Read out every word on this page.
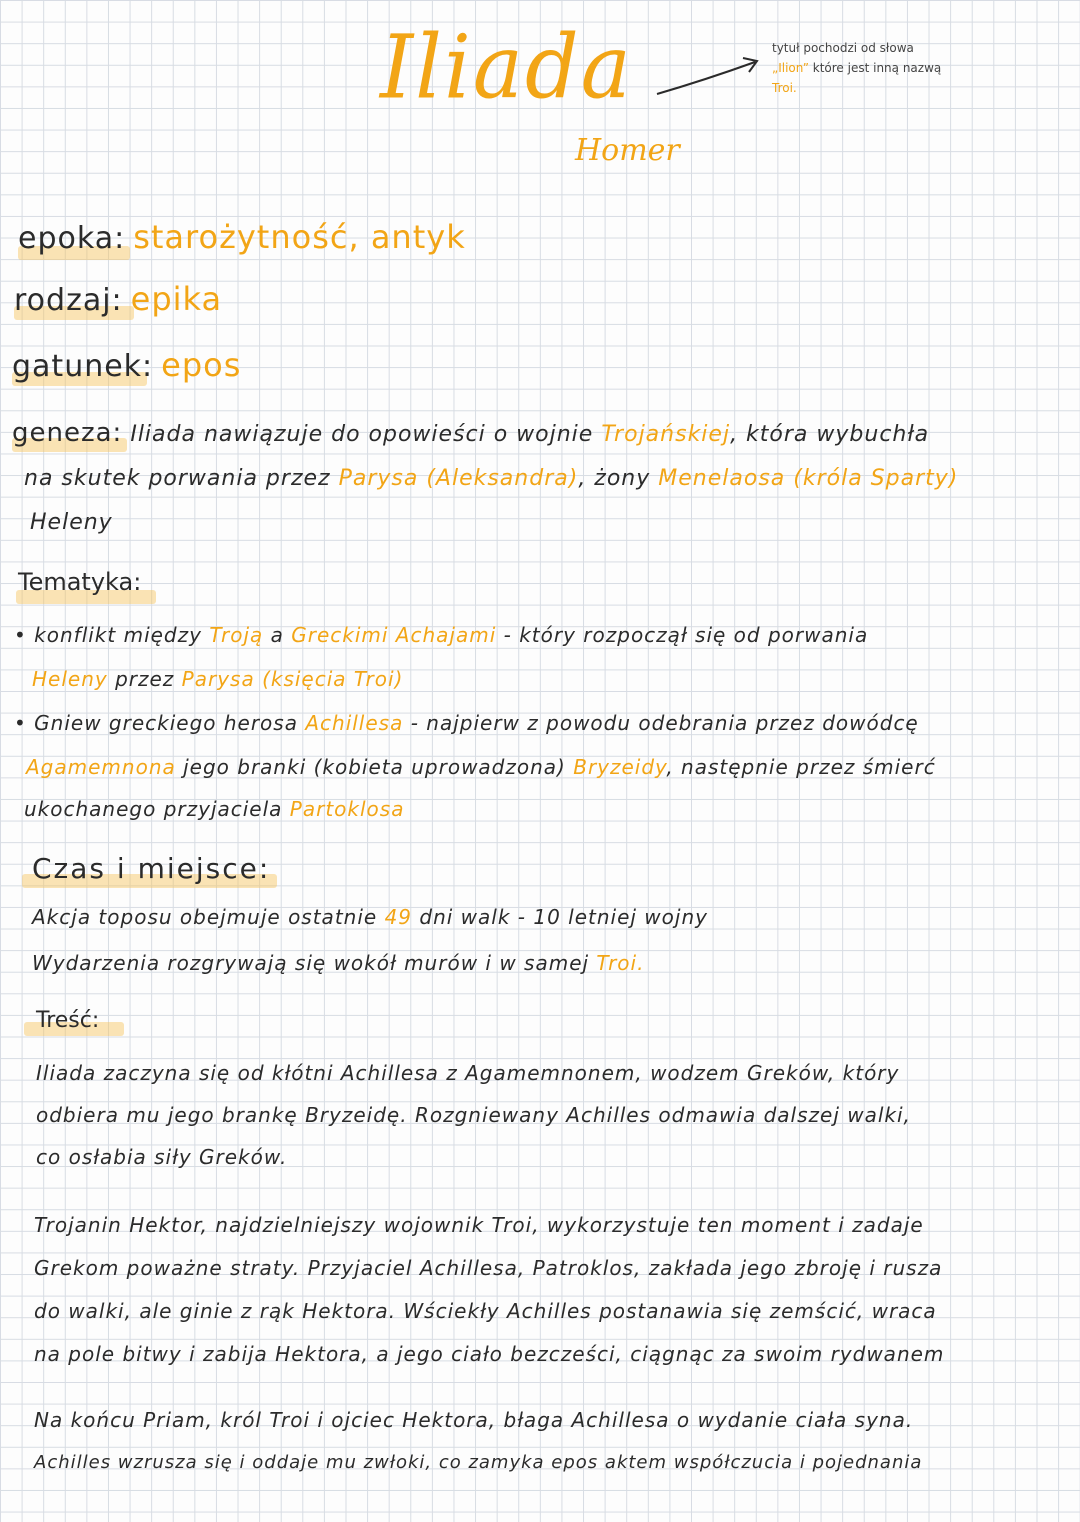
Iliada
Homer
tytuł pochodzi od słowa
„Ilion” które jest inną nazwą
Troi.
epoka: starożytność, antyk
rodzaj: epika
gatunek: epos
geneza: Iliada nawiązuje do opowieści o wojnie Trojańskiej, która wybuchła
na skutek porwania przez Parysa (Aleksandra), żony Menelaosa (króla Sparty)
Heleny
Tematyka:
• konflikt między Troją a Greckimi Achajami - który rozpoczął się od porwania
Heleny przez Parysa (księcia Troi)
• Gniew greckiego herosa Achillesa - najpierw z powodu odebrania przez dowódcę
Agamemnona jego branki (kobieta uprowadzona) Bryzeidy, następnie przez śmierć
ukochanego przyjaciela Partoklosa
Czas i miejsce:
Akcja toposu obejmuje ostatnie 49 dni walk - 10 letniej wojny
Wydarzenia rozgrywają się wokół murów i w samej Troi.
Treść:
Iliada zaczyna się od kłótni Achillesa z Agamemnonem, wodzem Greków, który
odbiera mu jego brankę Bryzeidę. Rozgniewany Achilles odmawia dalszej walki,
co osłabia siły Greków.
Trojanin Hektor, najdzielniejszy wojownik Troi, wykorzystuje ten moment i zadaje
Grekom poważne straty. Przyjaciel Achillesa, Patroklos, zakłada jego zbroję i rusza
do walki, ale ginie z rąk Hektora. Wściekły Achilles postanawia się zemścić, wraca
na pole bitwy i zabija Hektora, a jego ciało bezcześci, ciągnąc za swoim rydwanem
Na końcu Priam, król Troi i ojciec Hektora, błaga Achillesa o wydanie ciała syna.
Achilles wzrusza się i oddaje mu zwłoki, co zamyka epos aktem współczucia i pojednania
